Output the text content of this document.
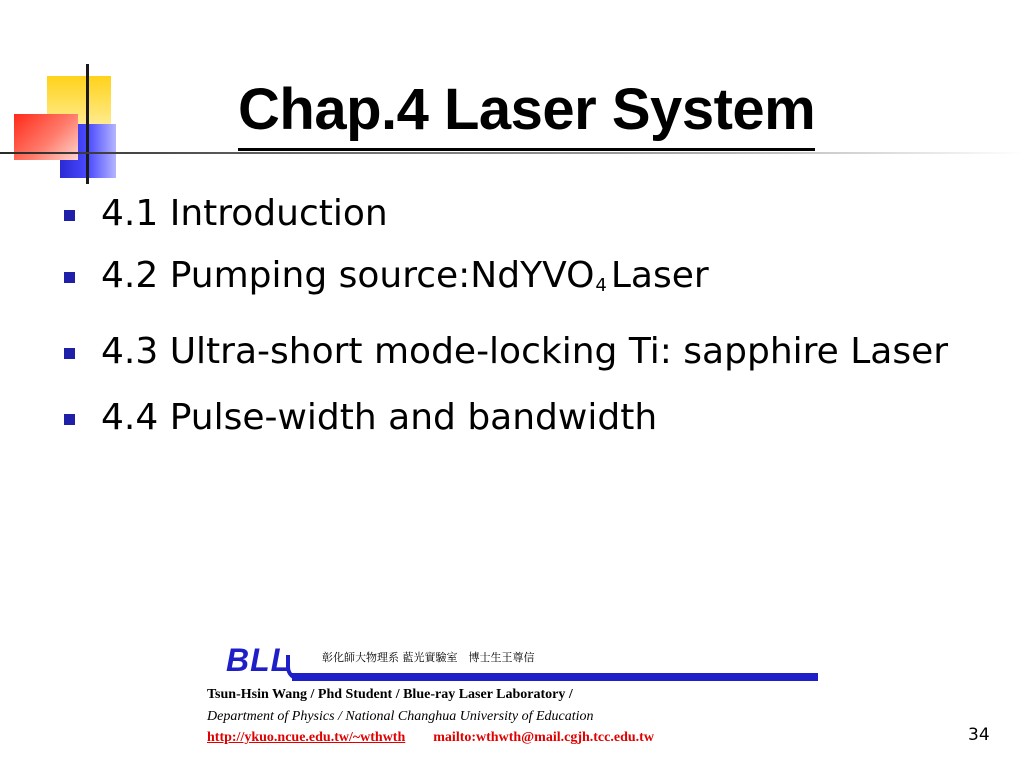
Chap.4 Laser System
4.1 Introduction
4.2 Pumping source:NdYVO$_4$ Laser
4.3 Ultra-short mode-locking Ti: sapphire Laser
4.4 Pulse-width and bandwidth
BLL	彰化師大物理系 藍光實驗室　博士生王尊信
Tsun-Hsin Wang / Phd Student / Blue-ray Laser Laboratory /
Department of Physics / National Changhua University of Education
http://ykuo.ncue.edu.tw/~wthwth mailto:wthwth@mail.cgjh.tcc.edu.tw	34
